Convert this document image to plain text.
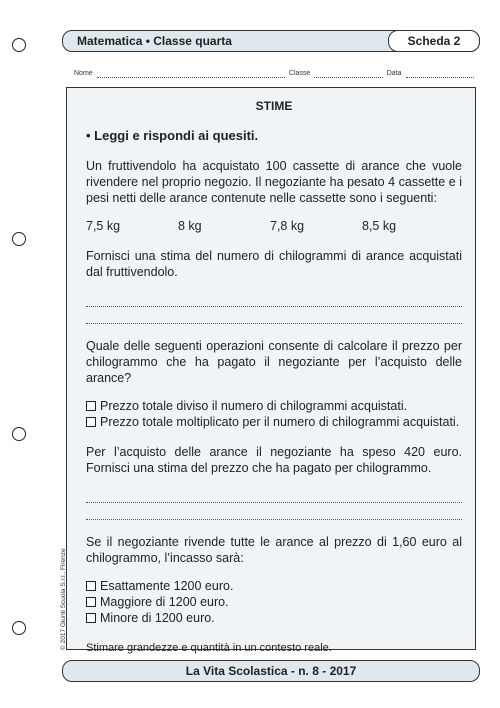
Matematica • Classe quarta	Scheda 2
Nome	Classe	Data
STIME
• Leggi e rispondi ai quesiti.

Un fruttivendolo ha acquistato 100 cassette di arance che vuole rivendere nel proprio negozio. Il negoziante ha pesato 4 cassette e i pesi netti delle arance contenute nelle cassette sono i seguenti:

7,5 kg	8 kg	7,8 kg	8,5 kg

Fornisci una stima del numero di chilogrammi di arance acquistati dal fruttivendolo.

Quale delle seguenti operazioni consente di calcolare il prezzo per chilogrammo che ha pagato il negoziante per l’acquisto delle arance?

Prezzo totale diviso il numero di chilogrammi acquistati.
Prezzo totale moltiplicato per il numero di chilogrammi acquistati.

Per l’acquisto delle arance il negoziante ha speso 420 euro. Fornisci una stima del prezzo che ha pagato per chilogrammo.

Se il negoziante rivende tutte le arance al prezzo di 1,60 euro al chilogrammo, l’incasso sarà:

Esattamente 1200 euro.
Maggiore di 1200 euro.
Minore di 1200 euro.
Stimare grandezze e quantità in un contesto reale.
© 2017 Giunti Scuola S.r.l., Firenze
La Vita Scolastica - n. 8 - 2017
